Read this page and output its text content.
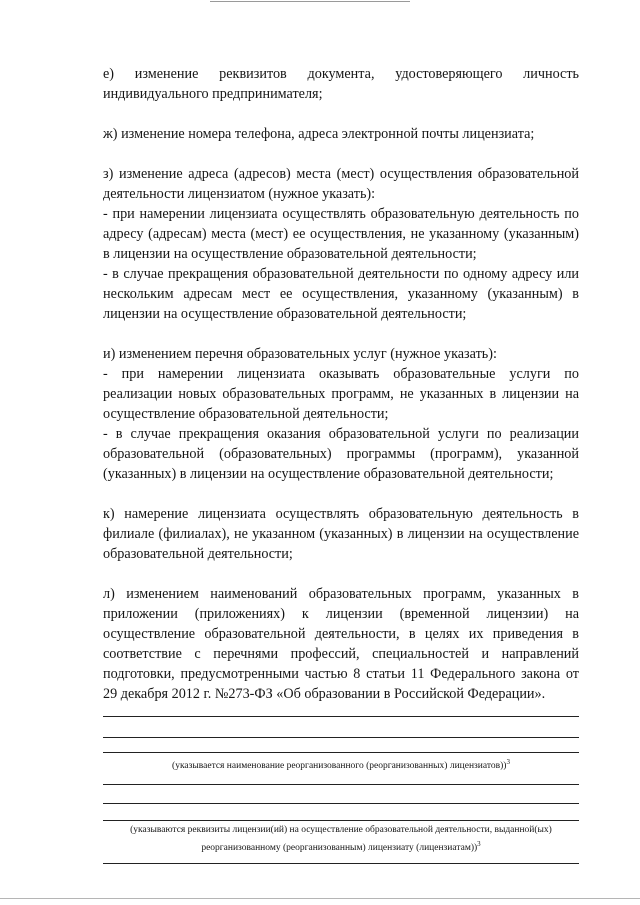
е) изменение реквизитов документа, удостоверяющего личность индивидуального предпринимателя;

ж) изменение номера телефона, адреса электронной почты лицензиата;

з) изменение адреса (адресов) места (мест) осуществления образовательной деятельности лицензиатом (нужное указать):

- при намерении лицензиата осуществлять образовательную деятельность по адресу (адресам) места (мест) ее осуществления, не указанному (указанным) в лицензии на осуществление образовательной деятельности;

- в случае прекращения образовательной деятельности по одному адресу или нескольким адресам мест ее осуществления, указанному (указанным) в лицензии на осуществление образовательной деятельности;

и) изменением перечня образовательных услуг (нужное указать):

- при намерении лицензиата оказывать образовательные услуги по реализации новых образовательных программ, не указанных в лицензии на осуществление образовательной деятельности;

- в случае прекращения оказания образовательной услуги по реализации образовательной (образовательных) программы (программ), указанной (указанных) в лицензии на осуществление образовательной деятельности;

к) намерение лицензиата осуществлять образовательную деятельность в филиале (филиалах), не указанном (указанных) в лицензии на осуществление образовательной деятельности;

л) изменением наименований образовательных программ, указанных в приложении (приложениях) к лицензии (временной лицензии) на осуществление образовательной деятельности, в целях их приведения в соответствие с перечнями профессий, специальностей и направлений подготовки, предусмотренными частью 8 статьи 11 Федерального закона от 29 декабря 2012 г. №273-ФЗ «Об образовании в Российской Федерации».

(указывается наименование реорганизованного (реорганизованных) лицензиатов))$^3$

(указываются реквизиты лицензии(ий) на осуществление образовательной деятельности, выданной(ых) реорганизованному (реорганизованным) лицензиату (лицензиатам))$^3$
